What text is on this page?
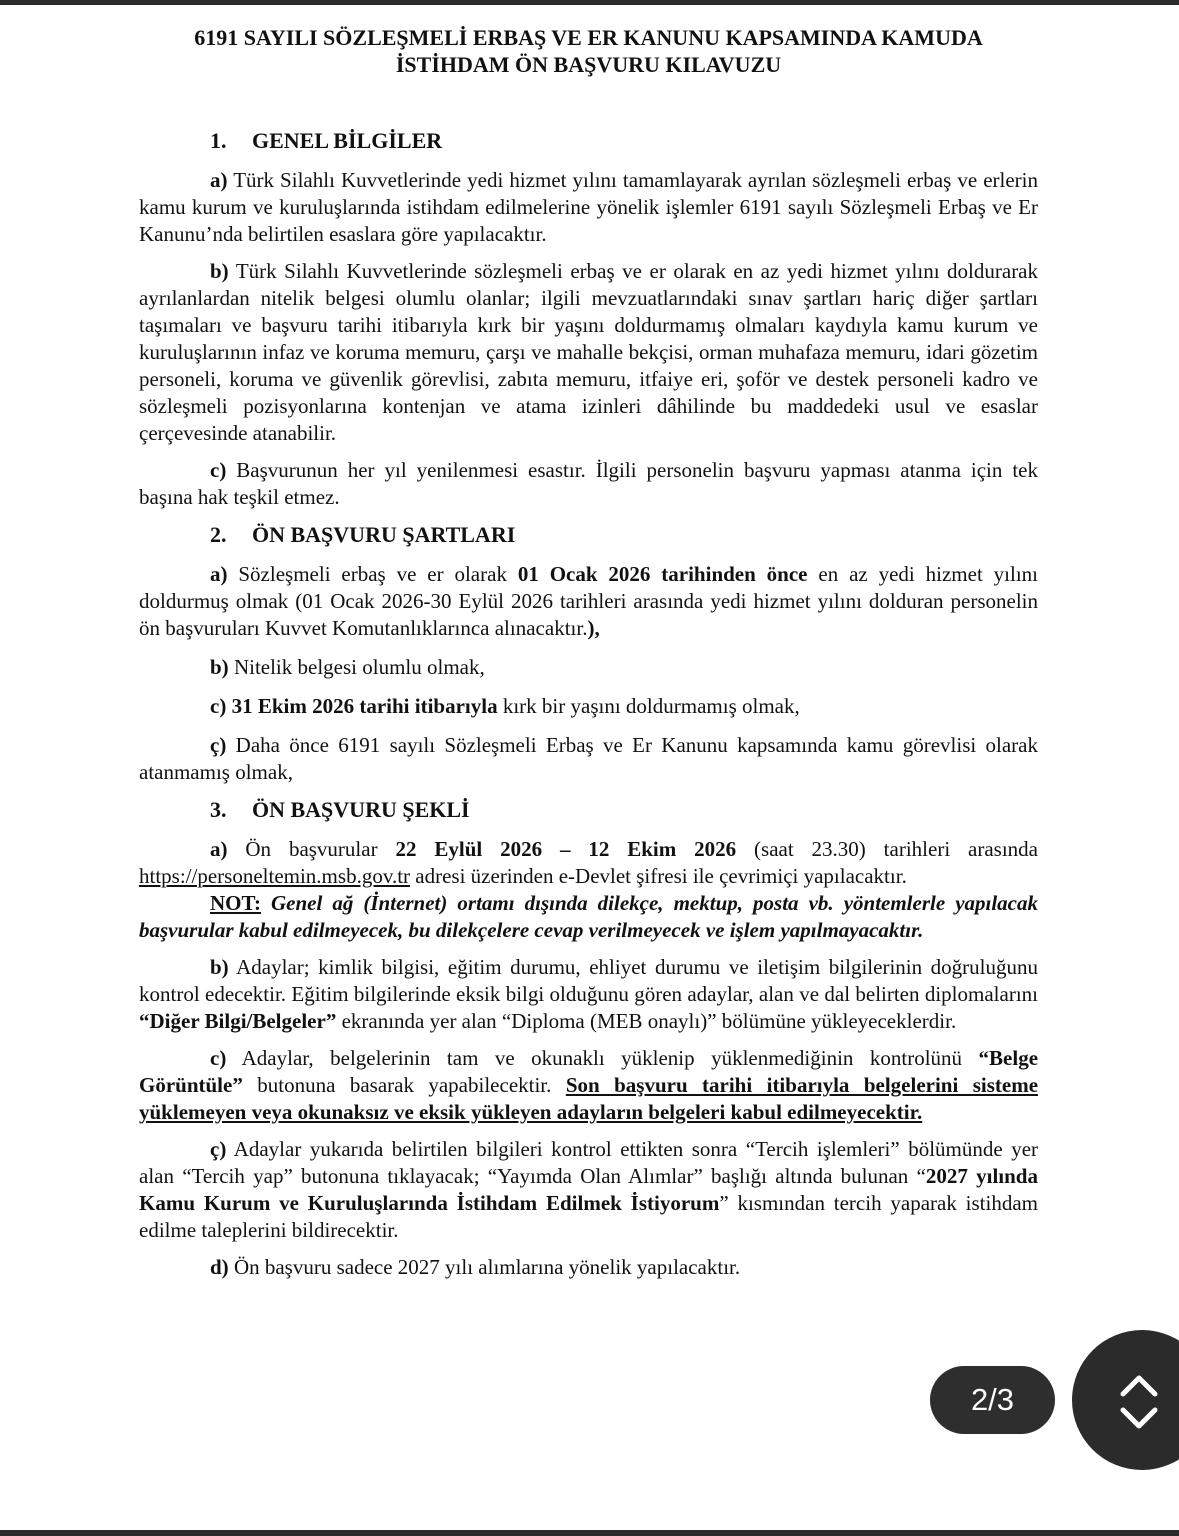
6191 SAYILI SÖZLEŞMELİ ERBAŞ VE ER KANUNU KAPSAMINDA KAMUDA
İSTİHDAM ÖN BAŞVURU KILAVUZU
1. GENEL BİLGİLER

a) Türk Silahlı Kuvvetlerinde yedi hizmet yılını tamamlayarak ayrılan sözleşmeli erbaş ve erlerin kamu kurum ve kuruluşlarında istihdam edilmelerine yönelik işlemler 6191 sayılı Sözleşmeli Erbaş ve Er Kanunu’nda belirtilen esaslara göre yapılacaktır.

b) Türk Silahlı Kuvvetlerinde sözleşmeli erbaş ve er olarak en az yedi hizmet yılını doldurarak ayrılanlardan nitelik belgesi olumlu olanlar; ilgili mevzuatlarındaki sınav şartları hariç diğer şartları taşımaları ve başvuru tarihi itibarıyla kırk bir yaşını doldurmamış olmaları kaydıyla kamu kurum ve kuruluşlarının infaz ve koruma memuru, çarşı ve mahalle bekçisi, orman muhafaza memuru, idari gözetim personeli, koruma ve güvenlik görevlisi, zabıta memuru, itfaiye eri, şoför ve destek personeli kadro ve sözleşmeli pozisyonlarına kontenjan ve atama izinleri dâhilinde bu maddedeki usul ve esaslar çerçevesinde atanabilir.

c) Başvurunun her yıl yenilenmesi esastır. İlgili personelin başvuru yapması atanma için tek başına hak teşkil etmez.

2. ÖN BAŞVURU ŞARTLARI

a) Sözleşmeli erbaş ve er olarak 01 Ocak 2026 tarihinden önce en az yedi hizmet yılını doldurmuş olmak (01 Ocak 2026-30 Eylül 2026 tarihleri arasında yedi hizmet yılını dolduran personelin ön başvuruları Kuvvet Komutanlıklarınca alınacaktır.),

b) Nitelik belgesi olumlu olmak,

c) 31 Ekim 2026 tarihi itibarıyla kırk bir yaşını doldurmamış olmak,

ç) Daha önce 6191 sayılı Sözleşmeli Erbaş ve Er Kanunu kapsamında kamu görevlisi olarak atanmamış olmak,

3. ÖN BAŞVURU ŞEKLİ

a) Ön başvurular 22 Eylül 2026 – 12 Ekim 2026 (saat 23.30) tarihleri arasında https://personeltemin.msb.gov.tr adresi üzerinden e-Devlet şifresi ile çevrimiçi yapılacaktır.

NOT: Genel ağ (İnternet) ortamı dışında dilekçe, mektup, posta vb. yöntemlerle yapılacak başvurular kabul edilmeyecek, bu dilekçelere cevap verilmeyecek ve işlem yapılmayacaktır.

b) Adaylar; kimlik bilgisi, eğitim durumu, ehliyet durumu ve iletişim bilgilerinin doğruluğunu kontrol edecektir. Eğitim bilgilerinde eksik bilgi olduğunu gören adaylar, alan ve dal belirten diplomalarını “Diğer Bilgi/Belgeler” ekranında yer alan “Diploma (MEB onaylı)” bölümüne yükleyeceklerdir.

c) Adaylar, belgelerinin tam ve okunaklı yüklenip yüklenmediğinin kontrolünü “Belge Görüntüle” butonuna basarak yapabilecektir. Son başvuru tarihi itibarıyla belgelerini sisteme yüklemeyen veya okunaksız ve eksik yükleyen adayların belgeleri kabul edilmeyecektir.

ç) Adaylar yukarıda belirtilen bilgileri kontrol ettikten sonra “Tercih işlemleri” bölümünde yer alan “Tercih yap” butonuna tıklayacak; “Yayımda Olan Alımlar” başlığı altında bulunan “2027 yılında Kamu Kurum ve Kuruluşlarında İstihdam Edilmek İstiyorum” kısmından tercih yaparak istihdam edilme taleplerini bildirecektir.

d) Ön başvuru sadece 2027 yılı alımlarına yönelik yapılacaktır.

2/3
